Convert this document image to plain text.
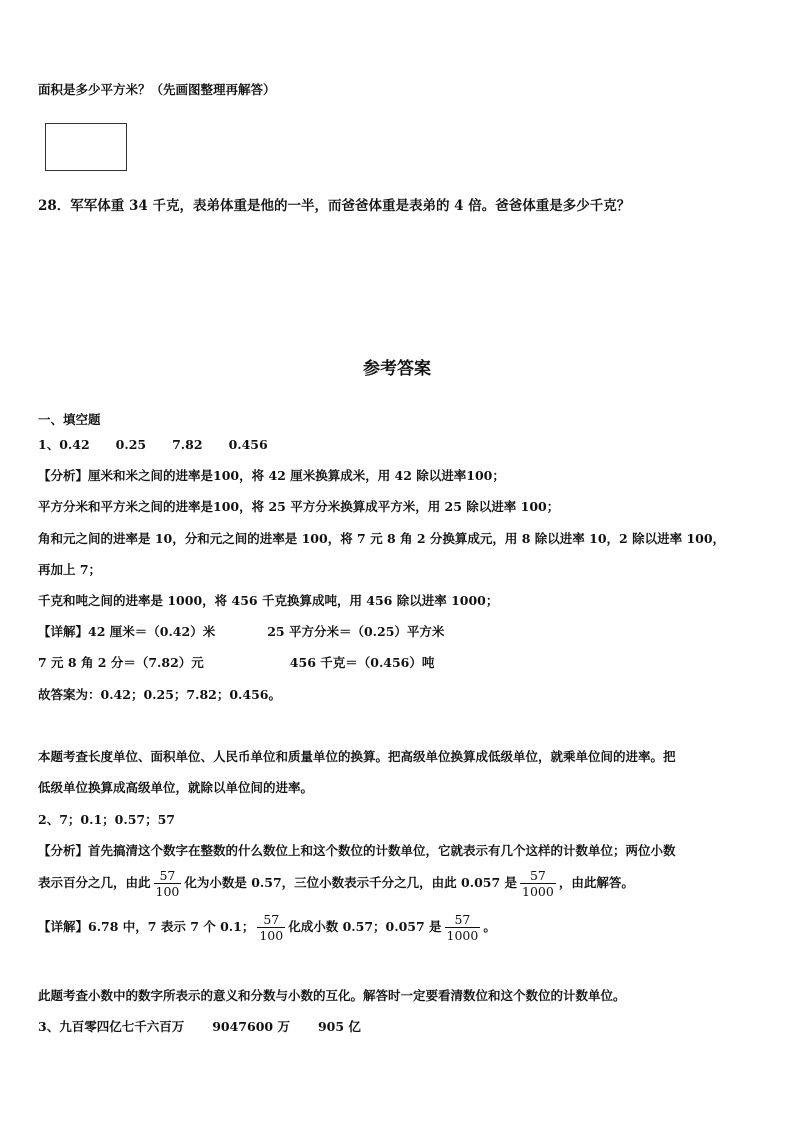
面积是多少平方米？（先画图整理再解答）
28．军军体重 34 千克，表弟体重是他的一半，而爸爸体重是表弟的 4 倍。爸爸体重是多少千克？
参考答案
一、填空题
1、0.42 0.25 7.82 0.456
【分析】厘米和米之间的进率是100，将 42 厘米换算成米，用 42 除以进率100；
平方分米和平方米之间的进率是100，将 25 平方分米换算成平方米，用 25 除以进率 100；
角和元之间的进率是 10，分和元之间的进率是 100，将 7 元 8 角 2 分换算成元，用 8 除以进率 10，2 除以进率 100，
再加上 7；
千克和吨之间的进率是 1000，将 456 千克换算成吨，用 456 除以进率 1000；
【详解】42 厘米＝（0.42）米	25 平方分米＝（0.25）平方米
7 元 8 角 2 分＝（7.82）元	456 千克＝（0.456）吨
故答案为：0.42；0.25；7.82；0.456。
本题考查长度单位、面积单位、人民币单位和质量单位的换算。把高级单位换算成低级单位，就乘单位间的进率。把
低级单位换算成高级单位，就除以单位间的进率。
2、7；0.1；0.57；57
【分析】首先搞清这个数字在整数的什么数位上和这个数位的计数单位，它就表示有几个这样的计数单位；两位小数
表示百分之几，由此 $\frac{57}{100}$ 化为小数是 0.57，三位小数表示千分之几，由此 0.057 是 $\frac{57}{1000}$ ，由此解答。
【详解】6.78 中，7 表示 7 个 0.1； $\frac{57}{100}$ 化成小数 0.57；0.057 是 $\frac{57}{1000}$ 。
此题考查小数中的数字所表示的意义和分数与小数的互化。解答时一定要看清数位和这个数位的计数单位。
3、九百零四亿七千六百万 9047600 万 905 亿
